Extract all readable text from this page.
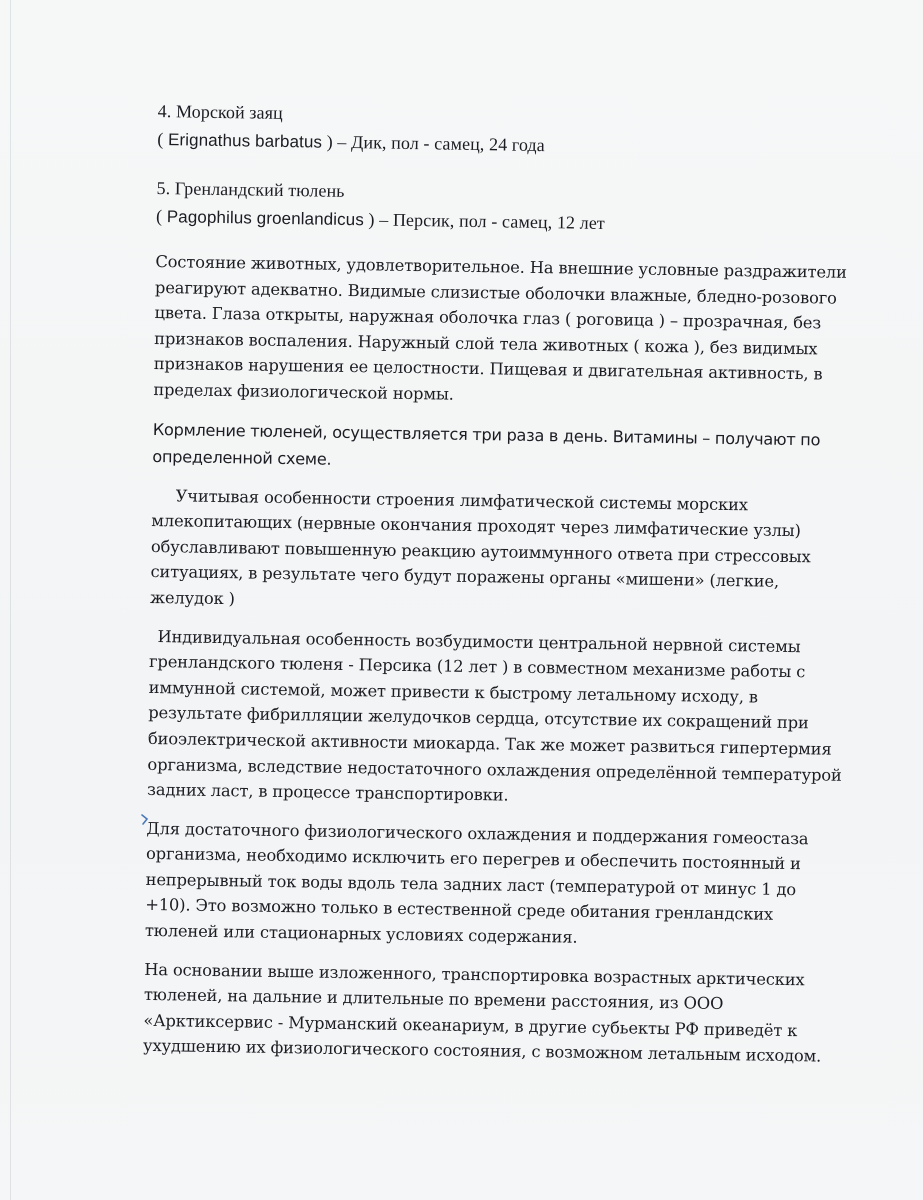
4. Морской заяц
( Erignathus barbatus ) – Дик, пол - самец, 24 года
5. Гренландский тюлень
( Pagophilus groenlandicus ) – Персик, пол - самец, 12 лет

Состояние животных, удовлетворительное. На внешние условные раздражители реагируют адекватно. Видимые слизистые оболочки влажные, бледно-розового цвета. Глаза открыты, наружная оболочка глаз ( роговица ) – прозрачная, без признаков воспаления. Наружный слой тела животных ( кожа ), без видимых признаков нарушения ее целостности. Пищевая и двигательная активность, в пределах физиологической нормы.

Кормление тюленей, осуществляется три раза в день. Витамины – получают по определенной схеме.

Учитывая особенности строения лимфатической системы морских млекопитающих (нервные окончания проходят через лимфатические узлы) обуславливают повышенную реакцию аутоиммунного ответа при стрессовых ситуациях, в результате чего будут поражены органы «мишени» (легкие, желудок )

Индивидуальная особенность возбудимости центральной нервной системы гренландского тюленя - Персика (12 лет ) в совместном механизме работы с иммунной системой, может привести к быстрому летальному исходу, в результате фибрилляции желудочков сердца, отсутствие их сокращений при биоэлектрической активности миокарда. Так же может развиться гипертермия организма, вследствие недостаточного охлаждения определённой температурой задних ласт, в процессе транспортировки.

Для достаточного физиологического охлаждения и поддержания гомеостаза организма, необходимо исключить его перегрев и обеспечить постоянный и непрерывный ток воды вдоль тела задних ласт (температурой от минус 1 до +10). Это возможно только в естественной среде обитания гренландских тюленей или стационарных условиях содержания.

На основании выше изложенного, транспортировка возрастных арктических тюленей, на дальние и длительные по времени расстояния, из ООО «Арктиксервис - Мурманский океанариум, в другие субьекты РФ приведёт к ухудшению их физиологического состояния, с возможном летальным исходом.
